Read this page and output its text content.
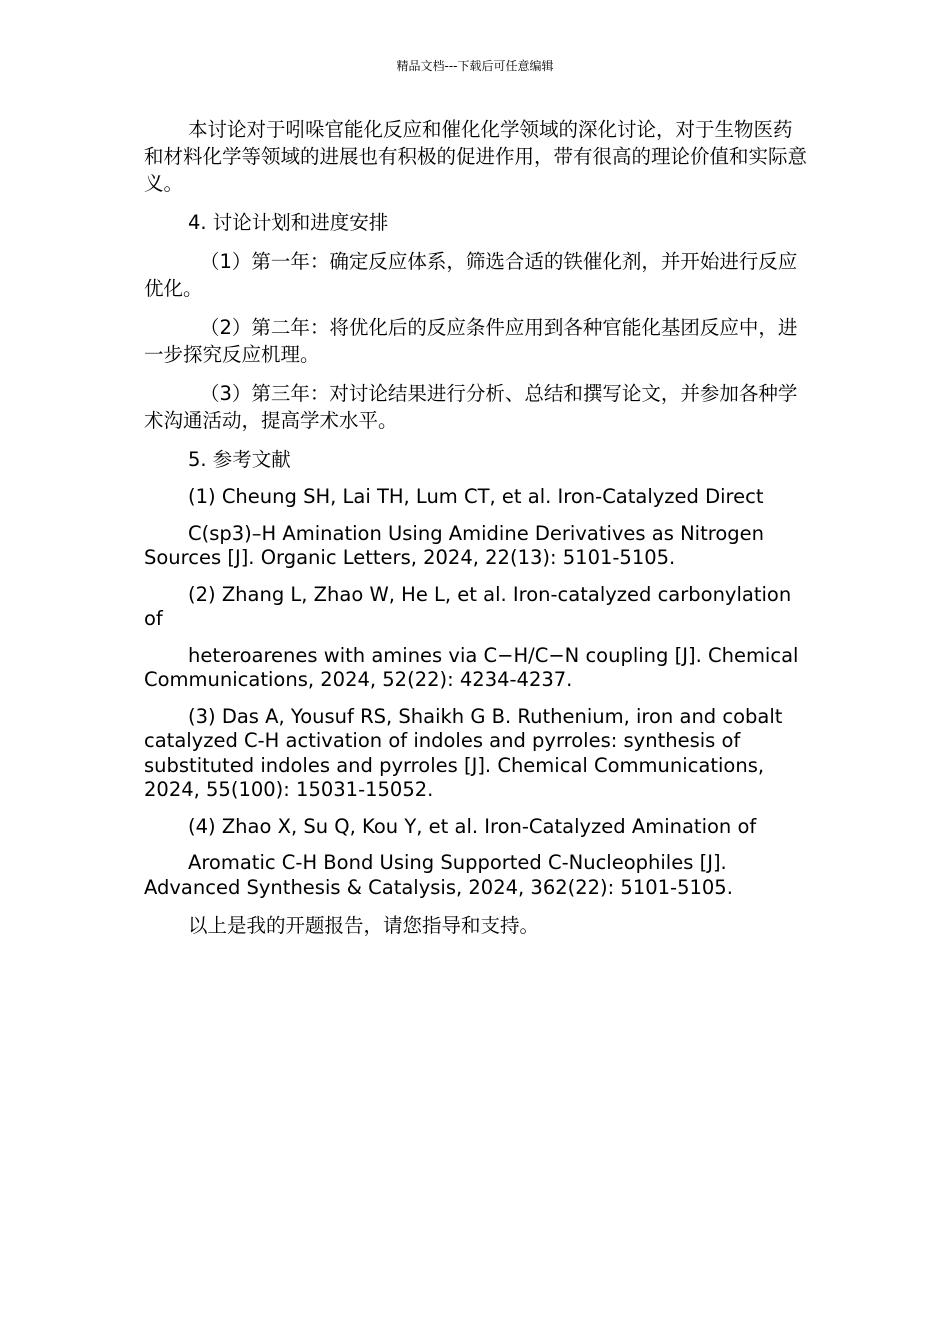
精品文档---下载后可任意编辑

本讨论对于吲哚官能化反应和催化化学领域的深化讨论，对于生物医药和材料化学等领域的进展也有积极的促进作用，带有很高的理论价值和实际意义。

4. 讨论计划和进度安排

（1）第一年：确定反应体系，筛选合适的铁催化剂，并开始进行反应优化。

（2）第二年：将优化后的反应条件应用到各种官能化基团反应中，进一步探究反应机理。

（3）第三年：对讨论结果进行分析、总结和撰写论文，并参加各种学术沟通活动，提高学术水平。

5. 参考文献

(1) Cheung SH, Lai TH, Lum CT, et al. Iron-Catalyzed Direct

C(sp3)–H Amination Using Amidine Derivatives as Nitrogen Sources [J]. Organic Letters, 2024, 22(13): 5101-5105.

(2) Zhang L, Zhao W, He L, et al. Iron-catalyzed carbonylation of

heteroarenes with amines via C−H/C−N coupling [J]. Chemical Communications, 2024, 52(22): 4234-4237.

(3) Das A, Yousuf RS, Shaikh G B. Ruthenium, iron and cobalt catalyzed C-H activation of indoles and pyrroles: synthesis of substituted indoles and pyrroles [J]. Chemical Communications, 2024, 55(100): 15031-15052.

(4) Zhao X, Su Q, Kou Y, et al. Iron-Catalyzed Amination of

Aromatic C-H Bond Using Supported C-Nucleophiles [J]. Advanced Synthesis & Catalysis, 2024, 362(22): 5101-5105.

以上是我的开题报告，请您指导和支持。
